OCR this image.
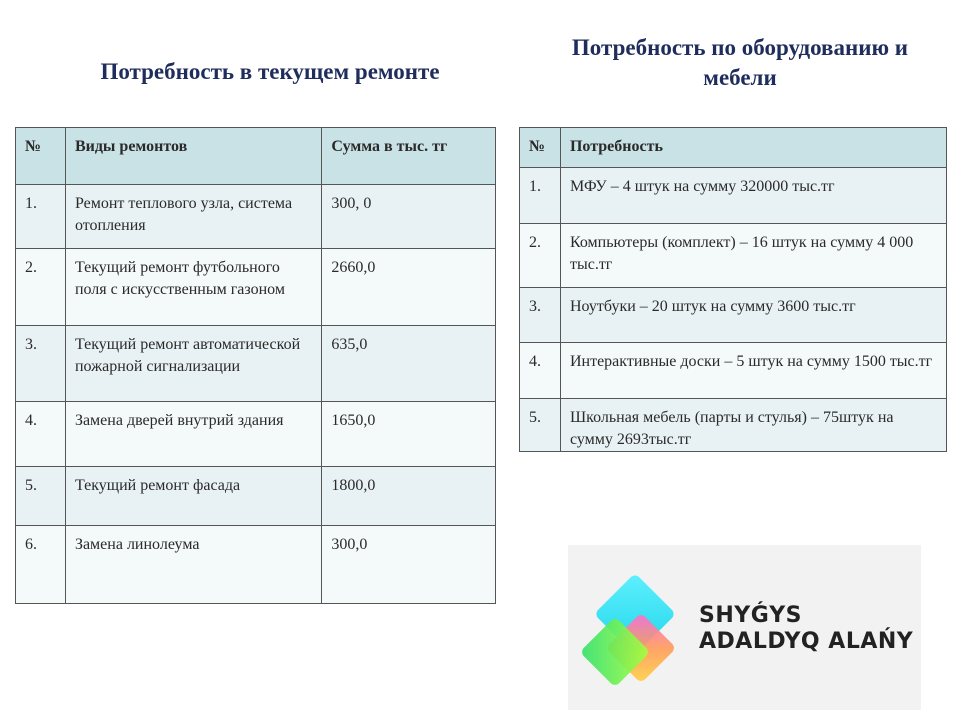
Потребность в текущем ремонте
Потребность по оборудованию и мебели
№	Виды ремонтов	Сумма в тыс. тг
1.	Ремонт теплового узла, система отопления	300, 0
2.	Текущий ремонт футбольного поля с искусственным газоном	2660,0
3.	Текущий ремонт автоматической пожарной сигнализации	635,0
4.	Замена дверей внутрий здания	1650,0
5.	Текущий ремонт фасада	1800,0
6.	Замена линолеума	300,0
№	Потребность
1.	МФУ – 4 штук на сумму 320000 тыс.тг
2.	Компьютеры (комплект) – 16 штук на сумму 4 000 тыс.тг
3.	Ноутбуки – 20 штук на сумму 3600 тыс.тг
4.	Интерактивные доски – 5 штук на сумму 1500 тыс.тг
5.	Школьная мебель (парты и стулья) – 75штук на сумму 2693тыс.тг
SHYǴYS
ADALDYQ ALAŃY
